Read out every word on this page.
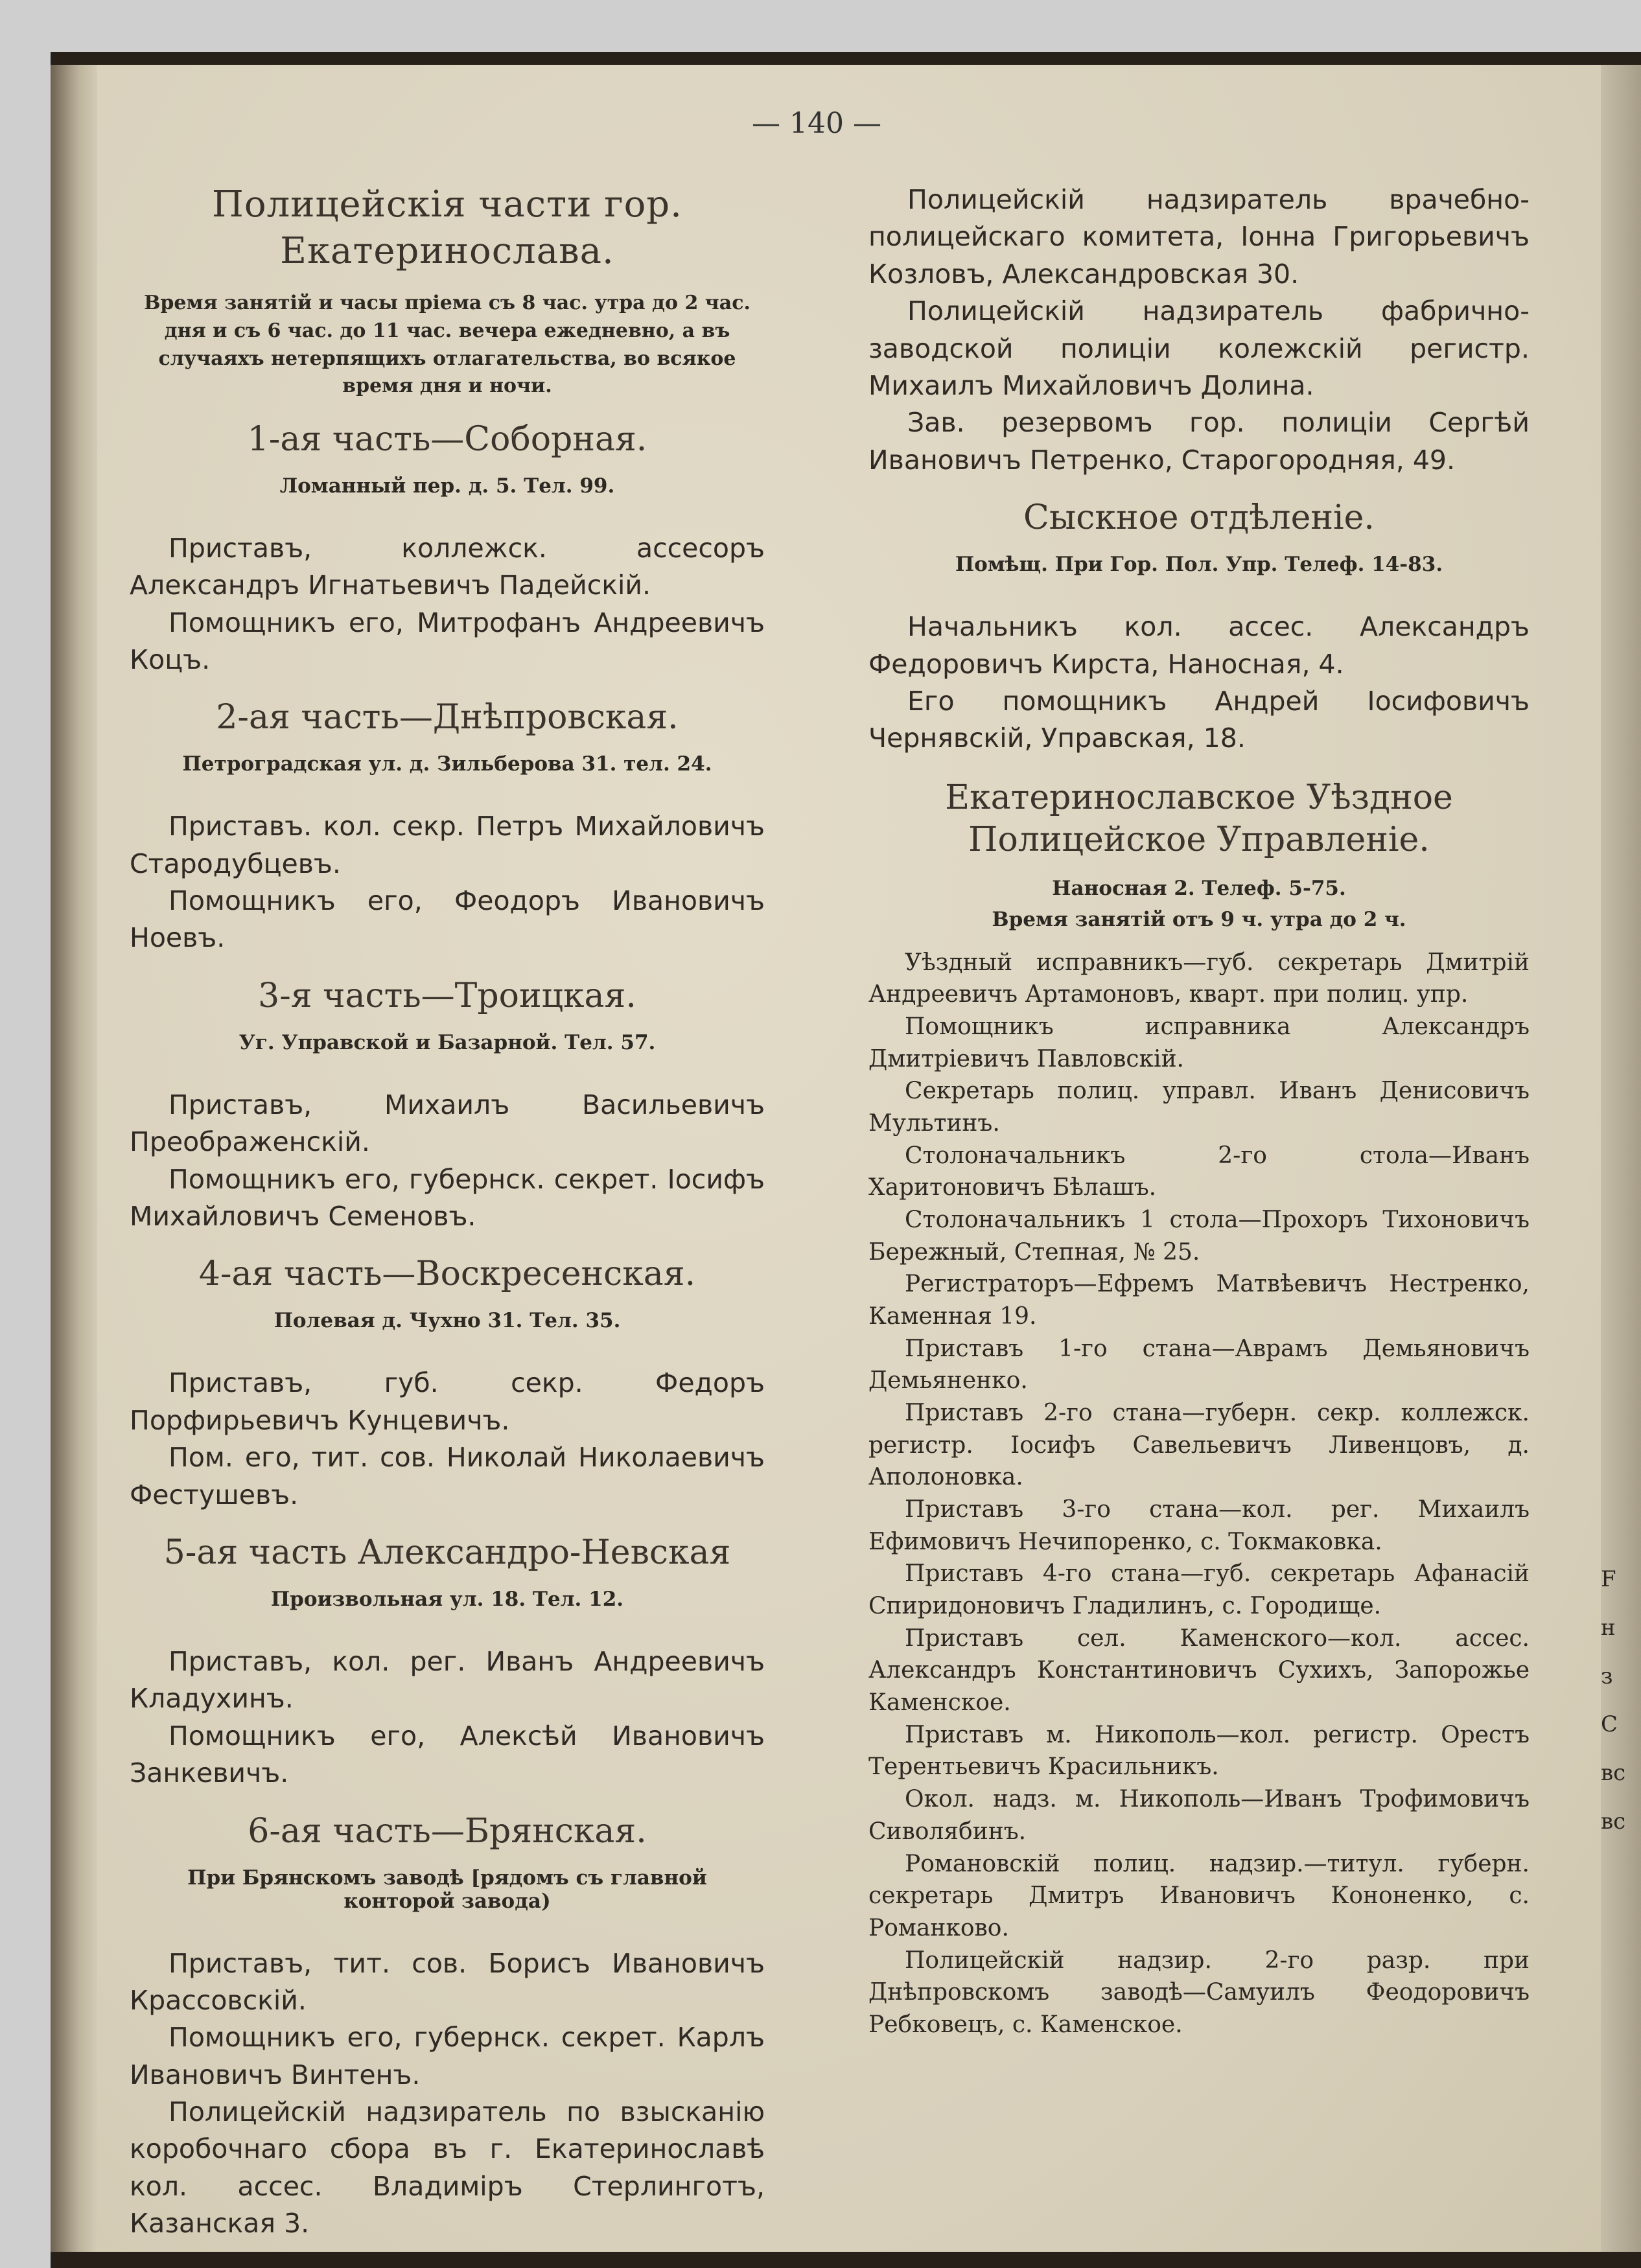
— 140 —
Полицейскія части гор. Екатеринослава.

Время занятій и часы пріема съ 8 час. утра до 2 час. дня и съ 6 час. до 11 час. вечера ежедневно, а въ случаяхъ нетерпящихъ отлагательства, во всякое время дня и ночи.

1-ая часть—Соборная.

Ломанный пер. д. 5. Тел. 99.

Приставъ, коллежск. ассесоръ Александръ Игнатьевичъ Падейскій.

Помощникъ его, Митрофанъ Андреевичъ Коцъ.

2-ая часть—Днѣпровская.

Петроградская ул. д. Зильберова 31. тел. 24.

Приставъ. кол. секр. Петръ Михайловичъ Стародубцевъ.

Помощникъ его, Феодоръ Ивановичъ Ноевъ.

3-я часть—Троицкая.

Уг. Управской и Базарной. Тел. 57.

Приставъ, Михаилъ Васильевичъ Преображенскій.

Помощникъ его, губернск. секрет. Іосифъ Михайловичъ Семеновъ.

4-ая часть—Воскресенская.

Полевая д. Чухно 31. Тел. 35.

Приставъ, губ. секр. Федоръ Порфирьевичъ Кунцевичъ.

Пом. его, тит. сов. Николай Николаевичъ Фестушевъ.

5-ая часть Александро-Невская

Произвольная ул. 18. Тел. 12.

Приставъ, кол. рег. Иванъ Андреевичъ Кладухинъ.

Помощникъ его, Алексѣй Ивановичъ Занкевичъ.

6-ая часть—Брянская.

При Брянскомъ заводѣ [рядомъ съ главной конторой завода)

Приставъ, тит. сов. Борисъ Ивановичъ Крассовскій.

Помощникъ его, губернск. секрет. Карлъ Ивановичъ Винтенъ.

Полицейскій надзиратель по взысканію коробочнаго сбора въ г. Екатеринославѣ кол. ассес. Владиміръ Стерлинготъ, Казанская 3.

Полицейскій надзиратель врачебно-полицейскаго комитета, Іонна Григорьевичъ Козловъ, Александровская 30.

Полицейскій надзиратель фабрично-заводской полиціи колежскій регистр. Михаилъ Михайловичъ Долина.

Зав. резервомъ гор. полиціи Сергѣй Ивановичъ Петренко, Старогородняя, 49.

Сыскное отдѣленіе.

Помѣщ. При Гор. Пол. Упр. Телеф. 14-83.

Начальникъ кол. ассес. Александръ Федоровичъ Кирста, Наносная, 4.

Его помощникъ Андрей Іосифовичъ Чернявскій, Управская, 18.

Екатеринославское Уѣздное Полицейское Управленіе.

Наносная 2. Телеф. 5-75.

Время занятій отъ 9 ч. утра до 2 ч.

Уѣздный исправникъ—губ. секретарь Дмитрій Андреевичъ Артамоновъ, кварт. при полиц. упр.

Помощникъ исправника Александръ Дмитріевичъ Павловскій.

Секретарь полиц. управл. Иванъ Денисовичъ Мультинъ.

Столоначальникъ 2-го стола—Иванъ Харитоновичъ Бѣлашъ.

Столоначальникъ 1 стола—Прохоръ Тихоновичъ Бережный, Степная, № 25.

Регистраторъ—Ефремъ Матвѣевичъ Нестренко, Каменная 19.

Приставъ 1-го стана—Аврамъ Демьяновичъ Демьяненко.

Приставъ 2-го стана—губерн. секр. коллежск. регистр. Іосифъ Савельевичъ Ливенцовъ, д. Аполоновка.

Приставъ 3-го стана—кол. рег. Михаилъ Ефимовичъ Нечипоренко, с. Токмаковка.

Приставъ 4-го стана—губ. секретарь Афанасій Спиридоновичъ Гладилинъ, с. Городище.

Приставъ сел. Каменского—кол. ассес. Александръ Константиновичъ Сухихъ, Запорожье Каменское.

Приставъ м. Никополь—кол. регистр. Орестъ Терентьевичъ Красильникъ.

Окол. надз. м. Никополь—Иванъ Трофимовичъ Сиволябинъ.

Романовскій полиц. надзир.—титул. губерн. секретарь Дмитръ Ивановичъ Кононенко, с. Романково.

Полицейскій надзир. 2-го разр. при Днѣпровскомъ заводѣ—Самуилъ Феодоровичъ Ребковецъ, с. Каменское.

F
н
з
С
вс
вс
